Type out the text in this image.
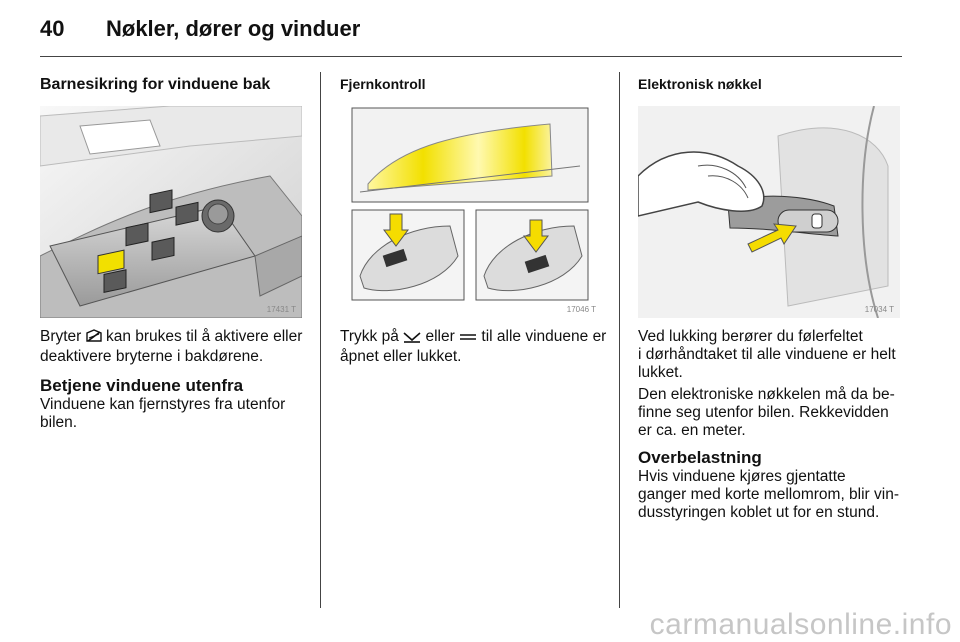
40 Nøkler, dører og vinduer
Barnesikring for vinduene bak
17431 T
Bryter kan brukes til å aktivere eller
deaktivere bryterne i bakdørene.
Betjene vinduene utenfra
Vinduene kan fjernstyres fra utenfor
bilen.
Fjernkontroll
17046 T
Trykk på eller til alle vinduene er
åpnet eller lukket.
Elektronisk nøkkel
17034 T
Ved lukking berører du følerfeltet
i dørhåndtaket til alle vinduene er helt
lukket.
Den elektroniske nøkkelen må da be-
finne seg utenfor bilen. Rekkevidden
er ca. en meter.
Overbelastning
Hvis vinduene kjøres gjentatte
ganger med korte mellomrom, blir vin-
dusstyringen koblet ut for en stund.
carmanualsonline.info
